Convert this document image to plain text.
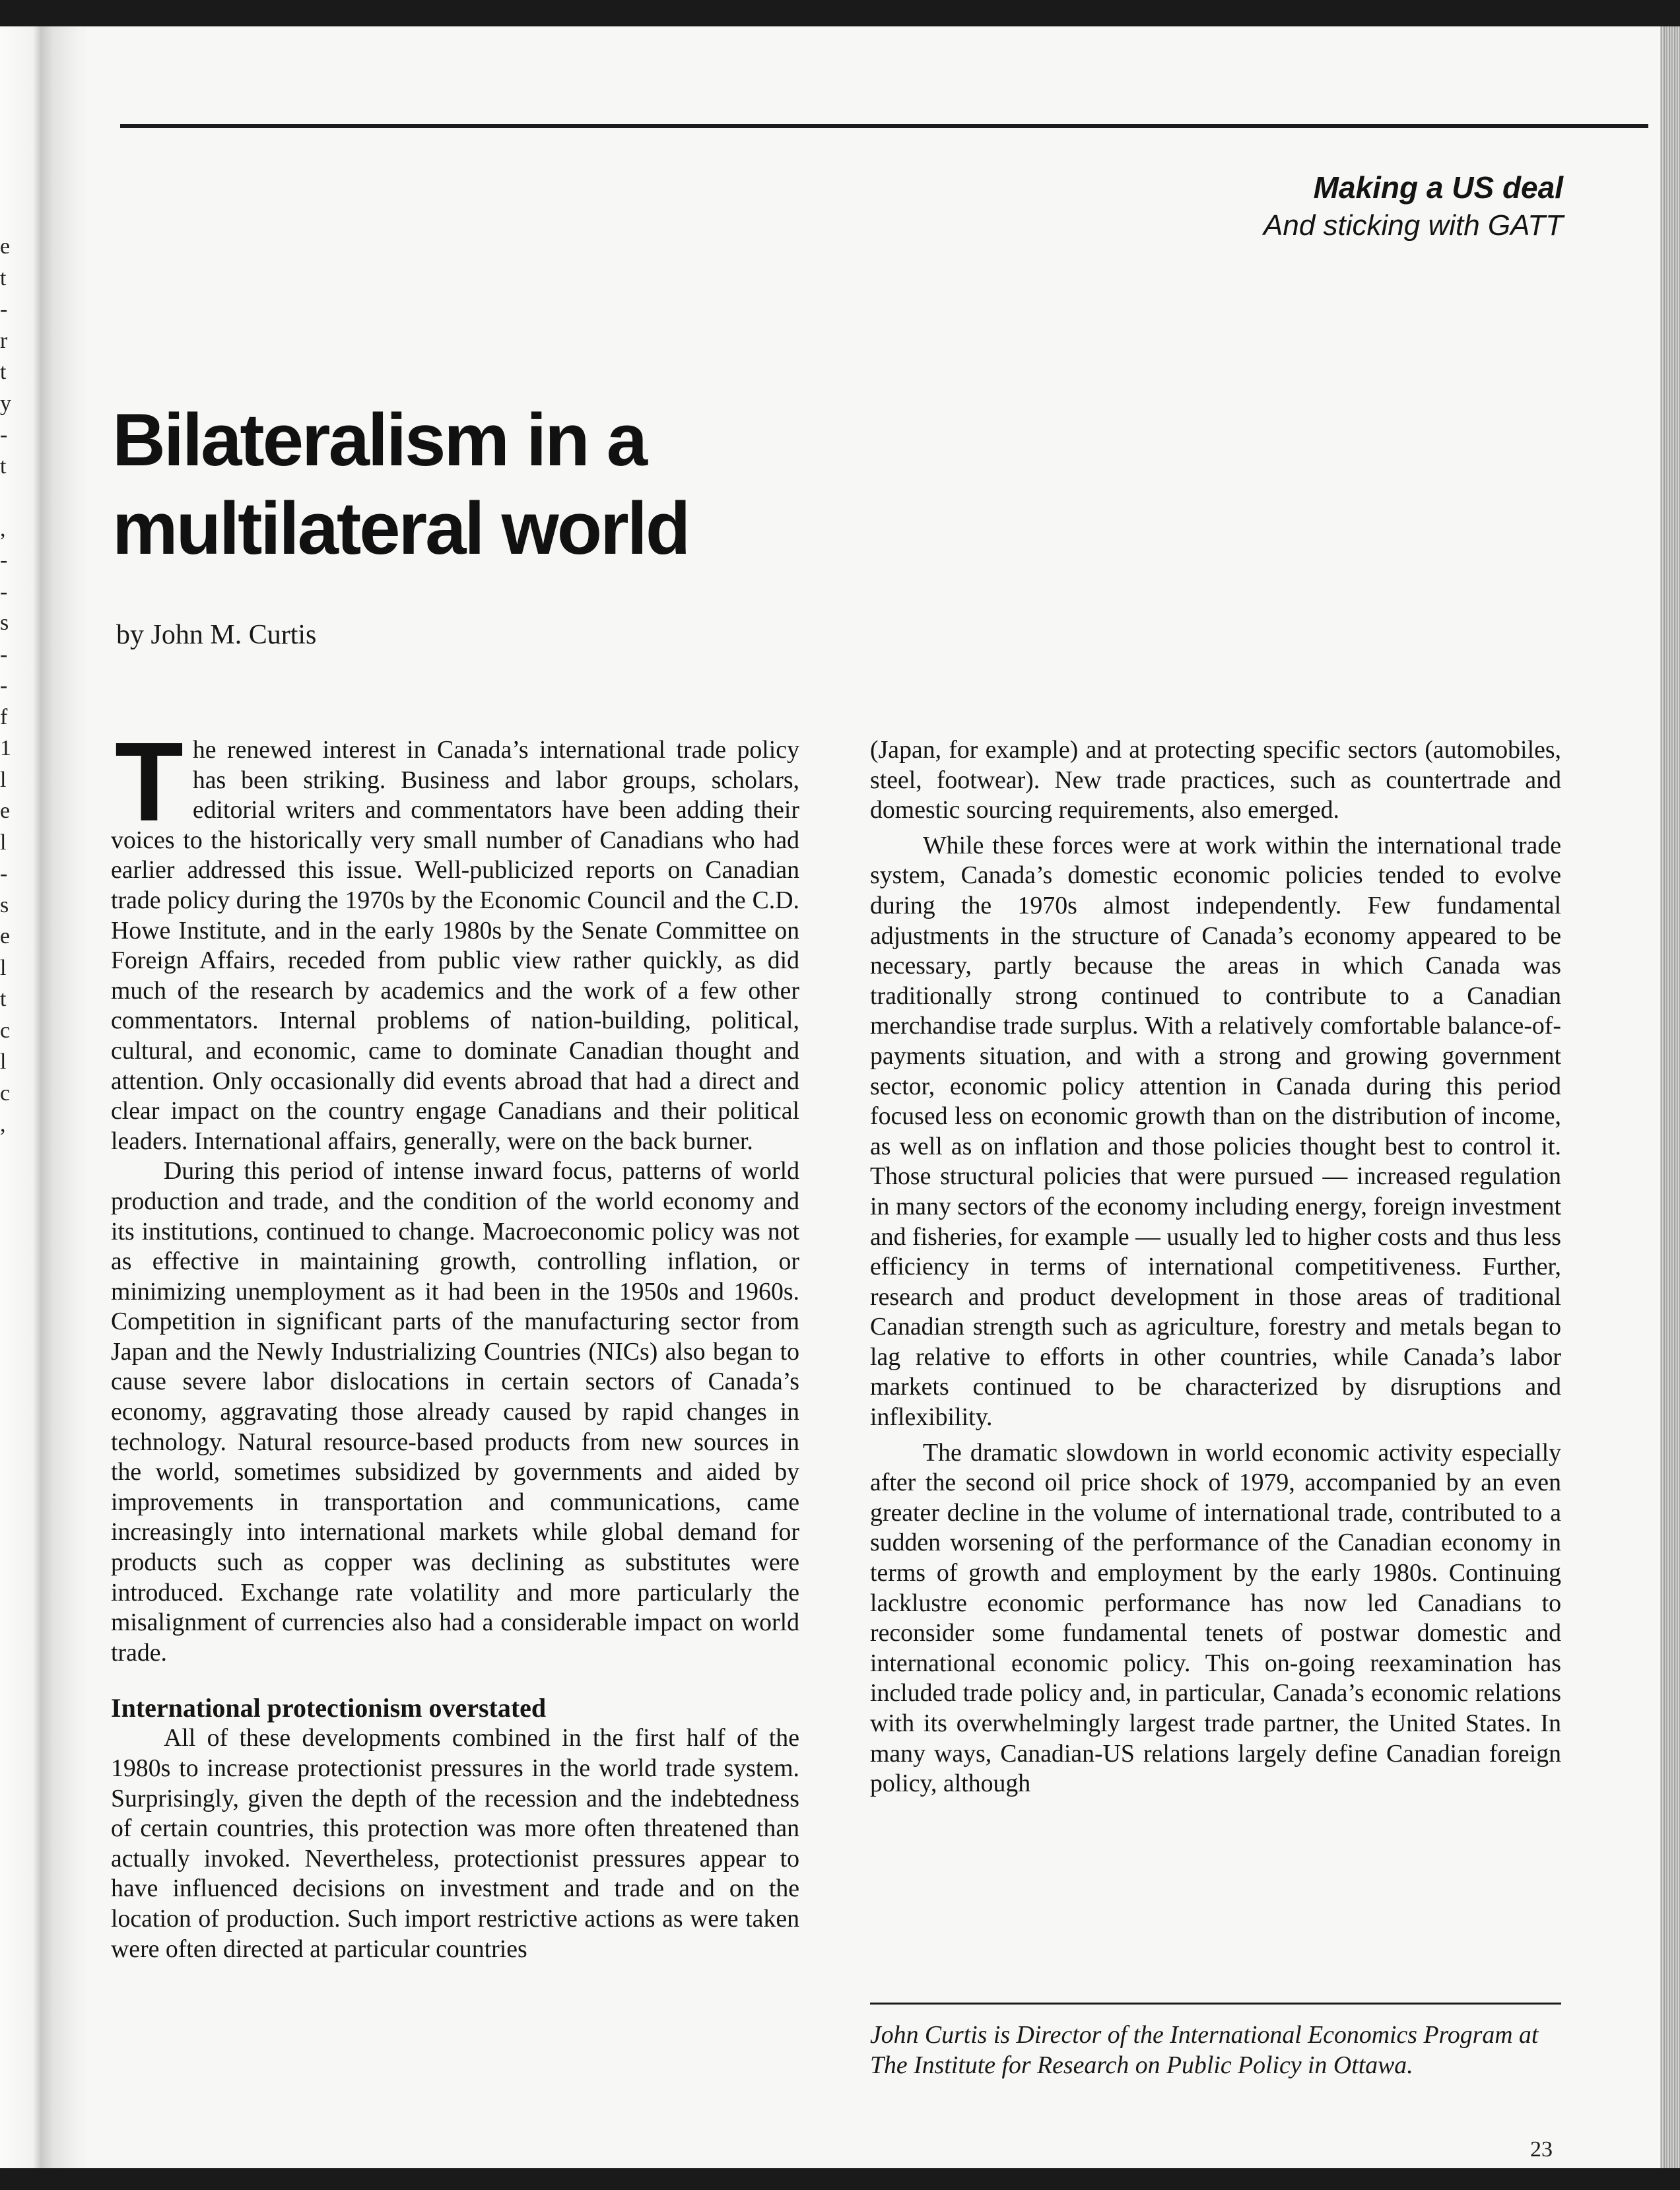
e
t
-
r
t
y
-
t
,
-
-
s
-
-
f
1
l
e
l
-
s
e
l
t
c
l
c
,
Making a US deal
And sticking with GATT
Bilateralism in a
multilateral world
by John M. Curtis

T he renewed interest in Canada’s international trade policy has been striking. Business and labor groups, scholars, editorial writers and commentators have been adding their voices to the historically very small number of Canadians who had earlier addressed this issue. Well-publicized reports on Canadian trade policy during the 1970s by the Economic Council and the C.D. Howe Institute, and in the early 1980s by the Senate Committee on Foreign Affairs, receded from public view rather quickly, as did much of the research by academics and the work of a few other commentators. Internal problems of nation-building, political, cultural, and economic, came to dominate Canadian thought and attention. Only occasionally did events abroad that had a direct and clear impact on the country engage Canadians and their political leaders. International affairs, generally, were on the back burner.

During this period of intense inward focus, patterns of world production and trade, and the condition of the world economy and its institutions, continued to change. Macroeconomic policy was not as effective in maintaining growth, controlling inflation, or minimizing unemployment as it had been in the 1950s and 1960s. Competition in significant parts of the manufacturing sector from Japan and the Newly Industrializing Countries (NICs) also began to cause severe labor dislocations in certain sectors of Canada’s economy, aggravating those already caused by rapid changes in technology. Natural resource-based products from new sources in the world, sometimes subsidized by governments and aided by improvements in transportation and communications, came increasingly into international markets while global demand for products such as copper was declining as substitutes were introduced. Exchange rate volatility and more particularly the misalignment of currencies also had a considerable impact on world trade.

International protectionism overstated

All of these developments combined in the first half of the 1980s to increase protectionist pressures in the world trade system. Surprisingly, given the depth of the recession and the indebtedness of certain countries, this protection was more often threatened than actually invoked. Nevertheless, protectionist pressures appear to have influenced decisions on investment and trade and on the location of production. Such import restrictive actions as were taken were often directed at particular countries

(Japan, for example) and at protecting specific sectors (automobiles, steel, footwear). New trade practices, such as countertrade and domestic sourcing requirements, also emerged.

While these forces were at work within the international trade system, Canada’s domestic economic policies tended to evolve during the 1970s almost independently. Few fundamental adjustments in the structure of Canada’s economy appeared to be necessary, partly because the areas in which Canada was traditionally strong continued to contribute to a Canadian merchandise trade surplus. With a relatively comfortable balance-of-payments situation, and with a strong and growing government sector, economic policy attention in Canada during this period focused less on economic growth than on the distribution of income, as well as on inflation and those policies thought best to control it. Those structural policies that were pursued — increased regulation in many sectors of the economy including energy, foreign investment and fisheries, for example — usually led to higher costs and thus less efficiency in terms of international competitiveness. Further, research and product development in those areas of traditional Canadian strength such as agriculture, forestry and metals began to lag relative to efforts in other countries, while Canada’s labor markets continued to be characterized by disruptions and inflexibility.

The dramatic slowdown in world economic activity especially after the second oil price shock of 1979, accompanied by an even greater decline in the volume of international trade, contributed to a sudden worsening of the performance of the Canadian economy in terms of growth and employment by the early 1980s. Continuing lacklustre economic performance has now led Canadians to reconsider some fundamental tenets of postwar domestic and international economic policy. This on-going reexamination has included trade policy and, in particular, Canada’s economic relations with its overwhelmingly largest trade partner, the United States. In many ways, Canadian-US relations largely define Canadian foreign policy, although

John Curtis is Director of the International Economics Program at The Institute for Research on Public Policy in Ottawa.
23
